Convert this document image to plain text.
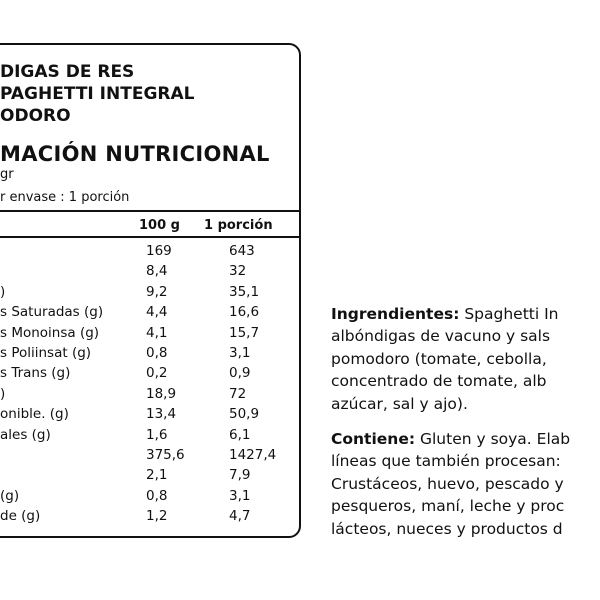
DIGAS DE RES
PAGHETTI INTEGRAL
ODORO
MACIÓN NUTRICIONAL
gr
r envase : 1 porción
100 g 1 porción
169	643
8,4	32
)	9,2	35,1
s Saturadas (g)	4,4	16,6
s Monoinsa (g)	4,1	15,7
s Poliinsat (g)	0,8	3,1
s Trans (g)	0,2	0,9
)	18,9	72
onible. (g)	13,4	50,9
ales (g)	1,6	6,1
375,6	1427,4
2,1	7,9
(g)	0,8	3,1
de (g)	1,2	4,7
Ingrendientes: Spaghetti In
albóndigas de vacuno y sals
pomodoro (tomate, cebolla,
concentrado de tomate, alb
azúcar, sal y ajo).
Contiene: Gluten y soya. Elab
líneas que también procesan:
Crustáceos, huevo, pescado y
pesqueros, maní, leche y proc
lácteos, nueces y productos d
